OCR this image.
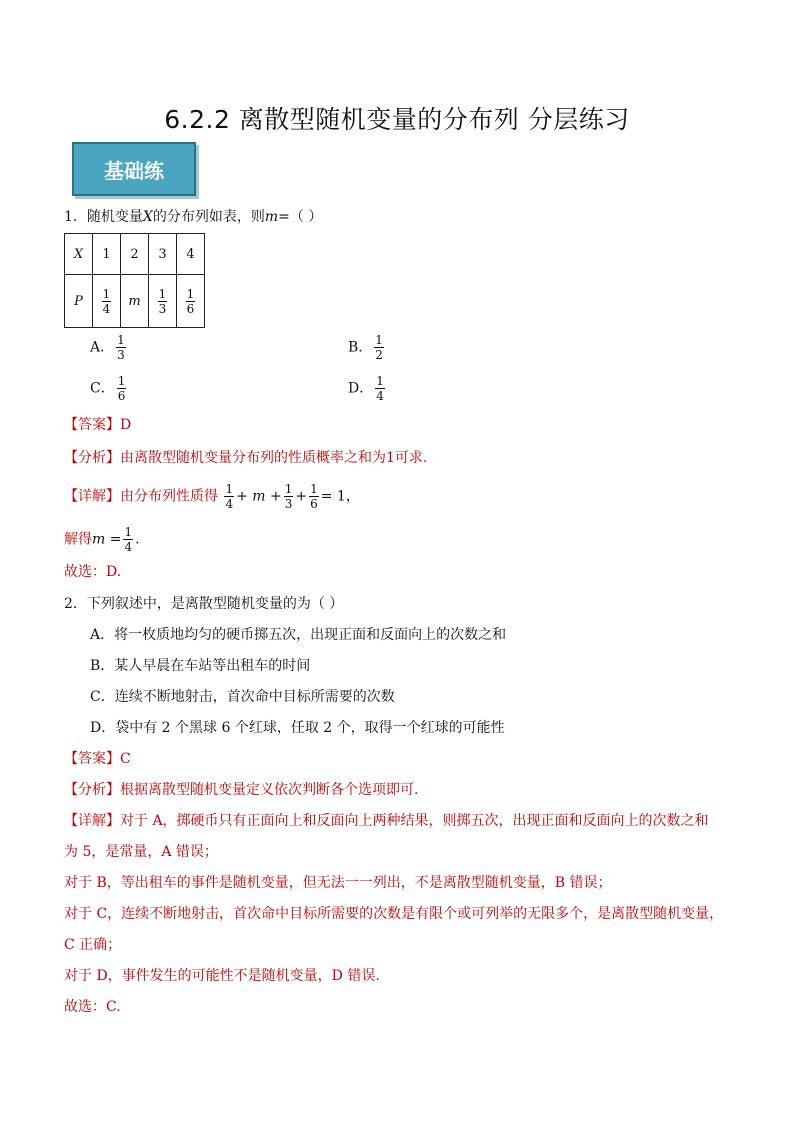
6.2.2 离散型随机变量的分布列 分层练习
基础练
1．随机变量X的分布列如表，则m=（ ）
X	1	2	3	4
P	$\frac{1}{4}$	m	$\frac{1}{3}$	$\frac{1}{6}$
A． $\frac{1}{3}$	B． $\frac{1}{2}$
C． $\frac{1}{6}$	D． $\frac{1}{4}$
【答案】D
【分析】由离散型随机变量分布列的性质概率之和为1可求.
【详解】由分布列性质得 $\frac{1}{4} + m + \frac{1}{3} + \frac{1}{6} = 1$，
解得$m = \frac{1}{4}$ .
故选：D.
2．下列叙述中，是离散型随机变量的为（ ）
A．将一枚质地均匀的硬币掷五次，出现正面和反面向上的次数之和
B．某人早晨在车站等出租车的时间
C．连续不断地射击，首次命中目标所需要的次数
D．袋中有 2 个黑球 6 个红球，任取 2 个，取得一个红球的可能性
【答案】C
【分析】根据离散型随机变量定义依次判断各个选项即可.
【详解】对于 A，掷硬币只有正面向上和反面向上两种结果，则掷五次，出现正面和反面向上的次数之和
为 5，是常量，A 错误；
对于 B，等出租车的事件是随机变量，但无法一一列出，不是离散型随机变量，B 错误；
对于 C，连续不断地射击，首次命中目标所需要的次数是有限个或可列举的无限多个，是离散型随机变量，
C 正确；
对于 D，事件发生的可能性不是随机变量，D 错误.
故选：C.
